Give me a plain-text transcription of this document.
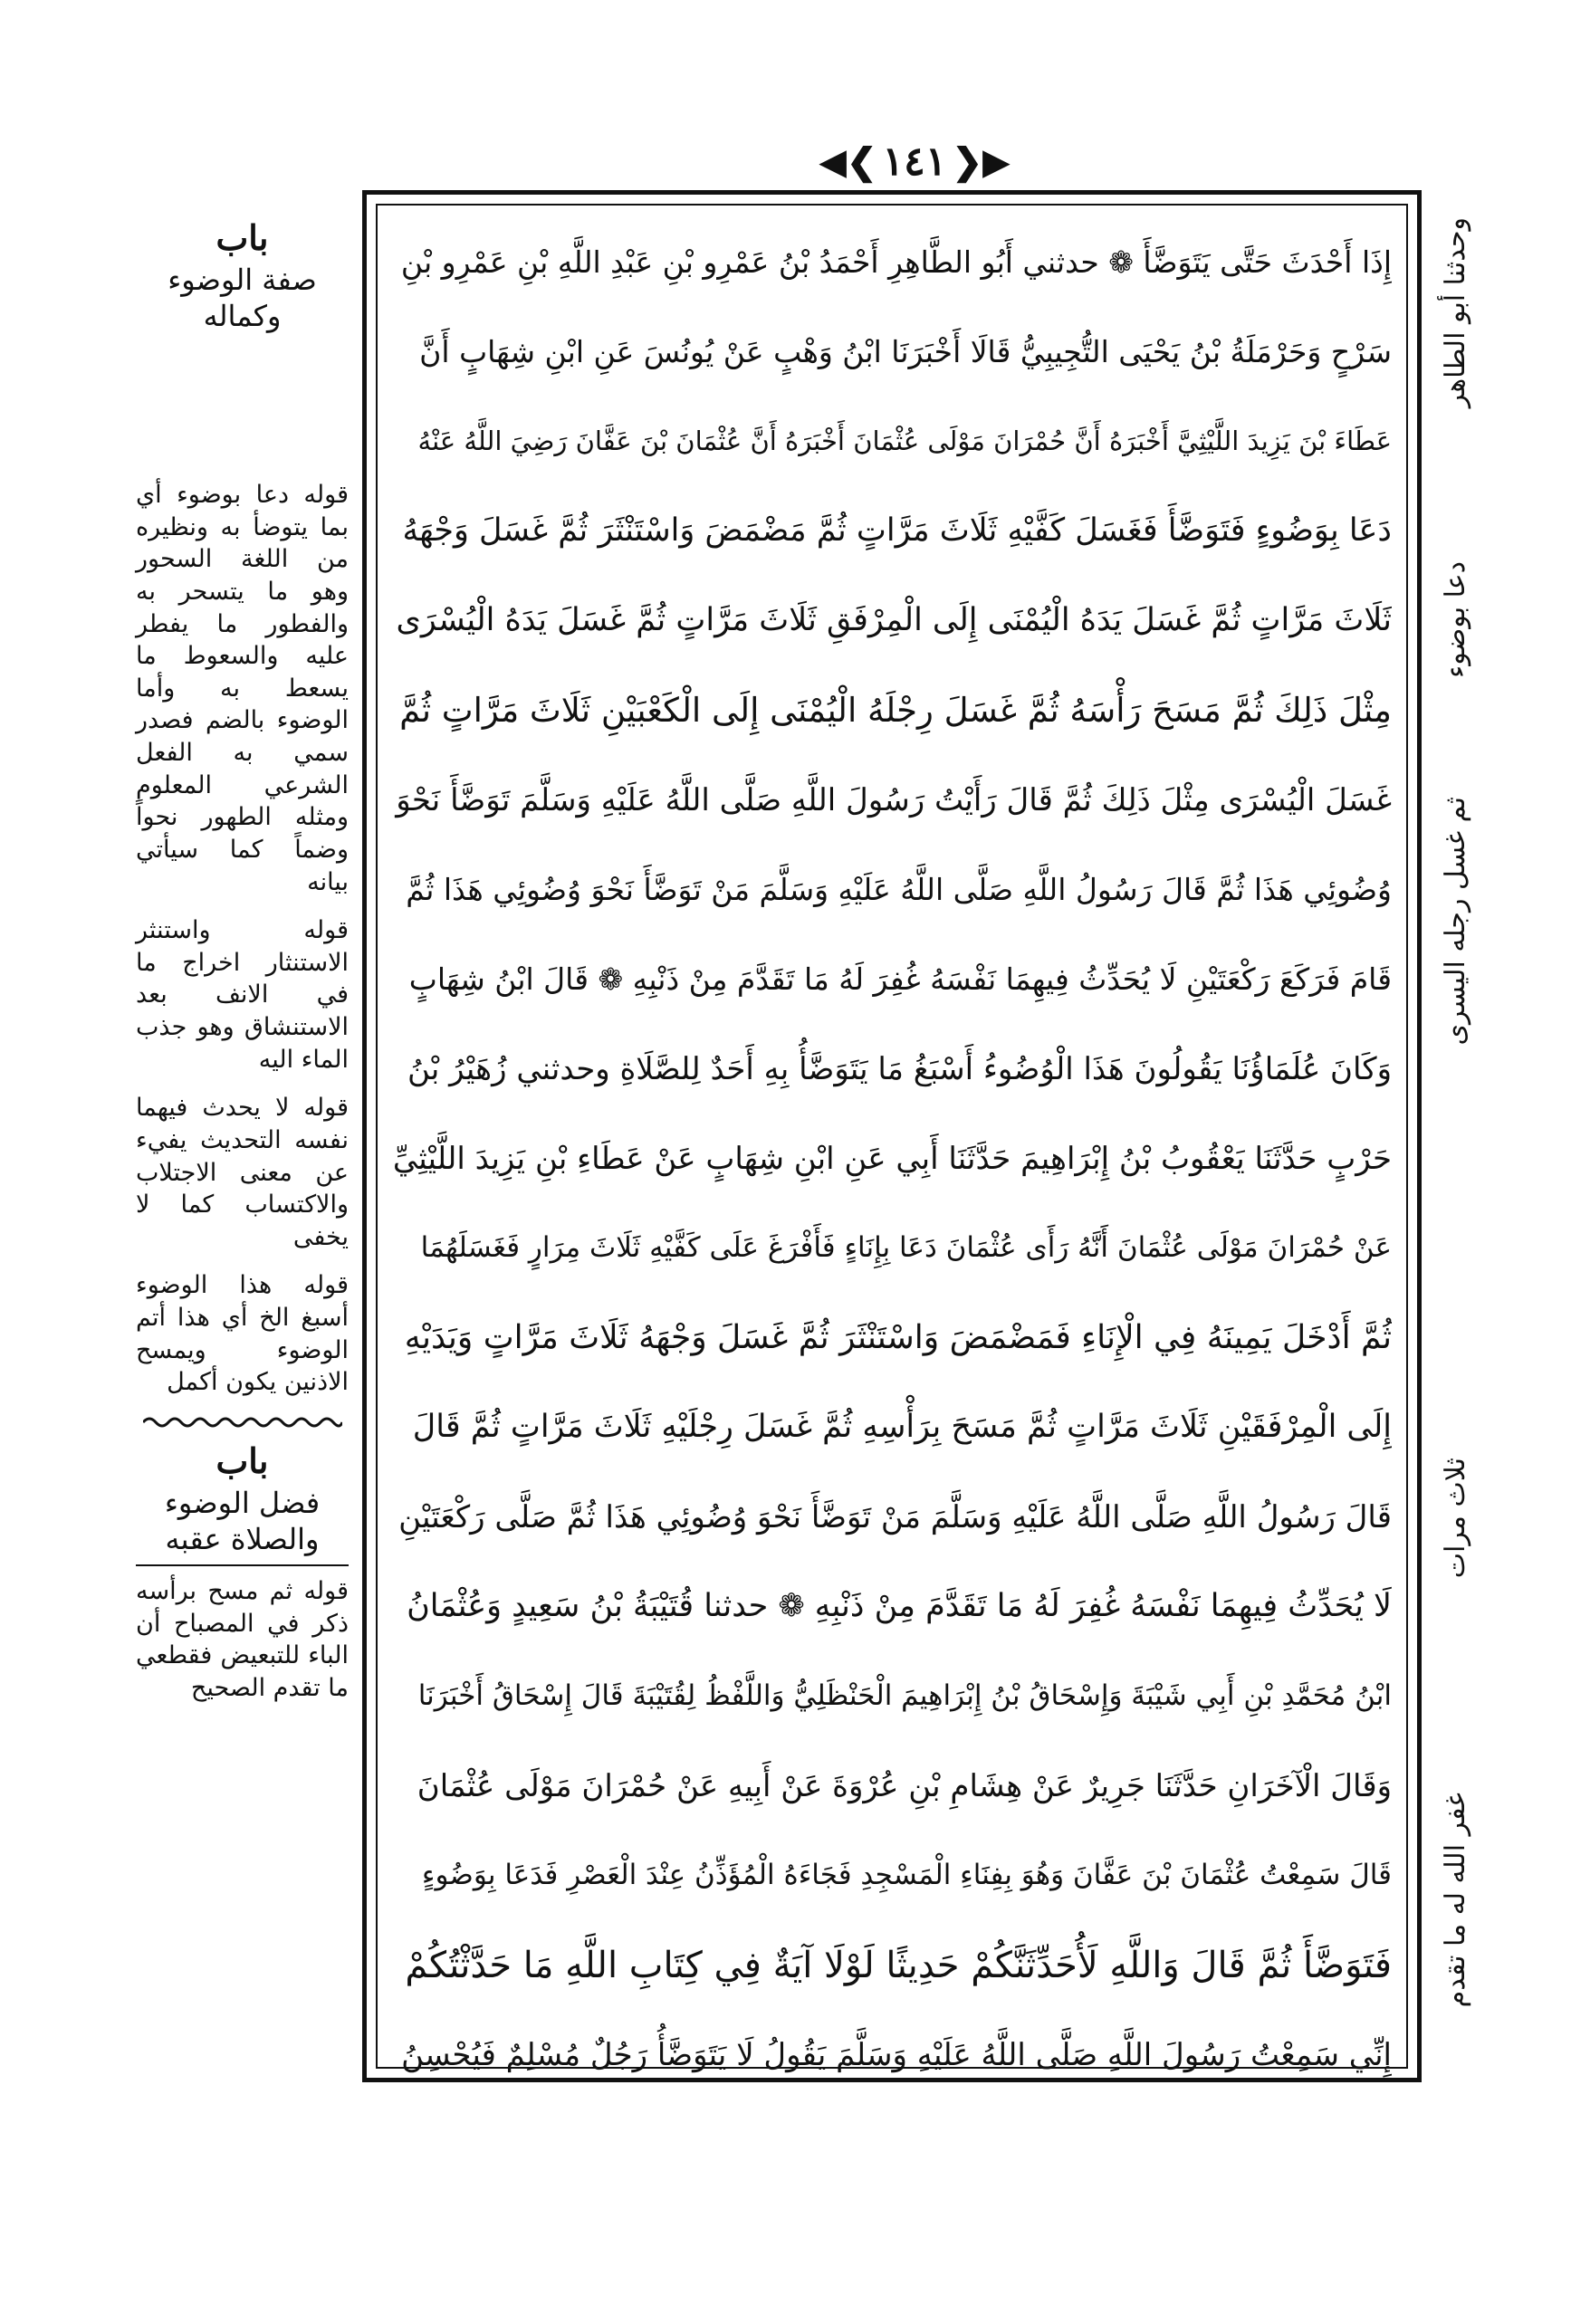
◀❮ ١٤١ ❯▶
إِذَا أَحْدَثَ حَتَّى يَتَوَضَّأَ ❁ حدثني أَبُو الطَّاهِرِ أَحْمَدُ بْنُ عَمْرِو بْنِ عَبْدِ اللَّهِ بْنِ عَمْرِو بْنِ
سَرْحٍ وَحَرْمَلَةُ بْنُ يَحْيَى التُّجِيبِيُّ قَالَا أَخْبَرَنَا ابْنُ وَهْبٍ عَنْ يُونُسَ عَنِ ابْنِ شِهَابٍ أَنَّ
عَطَاءَ بْنَ يَزِيدَ اللَّيْثِيَّ أَخْبَرَهُ أَنَّ حُمْرَانَ مَوْلَى عُثْمَانَ أَخْبَرَهُ أَنَّ عُثْمَانَ بْنَ عَفَّانَ رَضِيَ اللَّهُ عَنْهُ
دَعَا بِوَضُوءٍ فَتَوَضَّأَ فَغَسَلَ كَفَّيْهِ ثَلَاثَ مَرَّاتٍ ثُمَّ مَضْمَضَ وَاسْتَنْثَرَ ثُمَّ غَسَلَ وَجْهَهُ
ثَلَاثَ مَرَّاتٍ ثُمَّ غَسَلَ يَدَهُ الْيُمْنَى إِلَى الْمِرْفَقِ ثَلَاثَ مَرَّاتٍ ثُمَّ غَسَلَ يَدَهُ الْيُسْرَى
مِثْلَ ذَلِكَ ثُمَّ مَسَحَ رَأْسَهُ ثُمَّ غَسَلَ رِجْلَهُ الْيُمْنَى إِلَى الْكَعْبَيْنِ ثَلَاثَ مَرَّاتٍ ثُمَّ
غَسَلَ الْيُسْرَى مِثْلَ ذَلِكَ ثُمَّ قَالَ رَأَيْتُ رَسُولَ اللَّهِ صَلَّى اللَّهُ عَلَيْهِ وَسَلَّمَ تَوَضَّأَ نَحْوَ
وُضُوئِي هَذَا ثُمَّ قَالَ رَسُولُ اللَّهِ صَلَّى اللَّهُ عَلَيْهِ وَسَلَّمَ مَنْ تَوَضَّأَ نَحْوَ وُضُوئِي هَذَا ثُمَّ
قَامَ فَرَكَعَ رَكْعَتَيْنِ لَا يُحَدِّثُ فِيهِمَا نَفْسَهُ غُفِرَ لَهُ مَا تَقَدَّمَ مِنْ ذَنْبِهِ ❁ قَالَ ابْنُ شِهَابٍ
وَكَانَ عُلَمَاؤُنَا يَقُولُونَ هَذَا الْوُضُوءُ أَسْبَغُ مَا يَتَوَضَّأُ بِهِ أَحَدٌ لِلصَّلَاةِ وحدثني زُهَيْرُ بْنُ
حَرْبٍ حَدَّثَنَا يَعْقُوبُ بْنُ إِبْرَاهِيمَ حَدَّثَنَا أَبِي عَنِ ابْنِ شِهَابٍ عَنْ عَطَاءِ بْنِ يَزِيدَ اللَّيْثِيِّ
عَنْ حُمْرَانَ مَوْلَى عُثْمَانَ أَنَّهُ رَأَى عُثْمَانَ دَعَا بِإِنَاءٍ فَأَفْرَغَ عَلَى كَفَّيْهِ ثَلَاثَ مِرَارٍ فَغَسَلَهُمَا
ثُمَّ أَدْخَلَ يَمِينَهُ فِي الْإِنَاءِ فَمَضْمَضَ وَاسْتَنْثَرَ ثُمَّ غَسَلَ وَجْهَهُ ثَلَاثَ مَرَّاتٍ وَيَدَيْهِ
إِلَى الْمِرْفَقَيْنِ ثَلَاثَ مَرَّاتٍ ثُمَّ مَسَحَ بِرَأْسِهِ ثُمَّ غَسَلَ رِجْلَيْهِ ثَلَاثَ مَرَّاتٍ ثُمَّ قَالَ
قَالَ رَسُولُ اللَّهِ صَلَّى اللَّهُ عَلَيْهِ وَسَلَّمَ مَنْ تَوَضَّأَ نَحْوَ وُضُوئِي هَذَا ثُمَّ صَلَّى رَكْعَتَيْنِ
لَا يُحَدِّثُ فِيهِمَا نَفْسَهُ غُفِرَ لَهُ مَا تَقَدَّمَ مِنْ ذَنْبِهِ ❁ حدثنا قُتَيْبَةُ بْنُ سَعِيدٍ وَعُثْمَانُ
ابْنُ مُحَمَّدِ بْنِ أَبِي شَيْبَةَ وَإِسْحَاقُ بْنُ إِبْرَاهِيمَ الْحَنْظَلِيُّ وَاللَّفْظُ لِقُتَيْبَةَ قَالَ إِسْحَاقُ أَخْبَرَنَا
وَقَالَ الْآخَرَانِ حَدَّثَنَا جَرِيرٌ عَنْ هِشَامِ بْنِ عُرْوَةَ عَنْ أَبِيهِ عَنْ حُمْرَانَ مَوْلَى عُثْمَانَ
قَالَ سَمِعْتُ عُثْمَانَ بْنَ عَفَّانَ وَهُوَ بِفِنَاءِ الْمَسْجِدِ فَجَاءَهُ الْمُؤَذِّنُ عِنْدَ الْعَصْرِ فَدَعَا بِوَضُوءٍ
فَتَوَضَّأَ ثُمَّ قَالَ وَاللَّهِ لَأُحَدِّثَنَّكُمْ حَدِيثًا لَوْلَا آيَةٌ فِي كِتَابِ اللَّهِ مَا حَدَّثْتُكُمْ
إِنِّي سَمِعْتُ رَسُولَ اللَّهِ صَلَّى اللَّهُ عَلَيْهِ وَسَلَّمَ يَقُولُ لَا يَتَوَضَّأُ رَجُلٌ مُسْلِمٌ فَيُحْسِنُ
وحدثنا أبو الطاهر
دعا بوضوء
ثم غسل رجله اليسرى
ثلاث مرات
غفر الله له ما تقدم
باب
صفة الوضوء وكماله
قوله دعا بوضوء أي بما يتوضأ به ونظيره من اللغة السحور وهو ما يتسحر به والفطور ما يفطر عليه والسعوط ما يسعط به وأما الوضوء بالضم فصدر سمي به الفعل الشرعي المعلوم ومثله الطهور نحواً وضماً كما سيأتي بيانه
قوله واستنثر الاستنثار اخراج ما في الانف بعد الاستنشاق وهو جذب الماء اليه
قوله لا يحدث فيهما نفسه التحديث يفيء عن معنى الاجتلاب والاكتساب كما لا يخفى
قوله هذا الوضوء أسبغ الخ أي هذا أتم الوضوء ويمسح الاذنين يكون أكمل
باب
فضل الوضوء
والصلاة عقبه
قوله ثم مسح برأسه ذكر في المصباح أن الباء للتبعيض فقطعي ما تقدم الصحيح
